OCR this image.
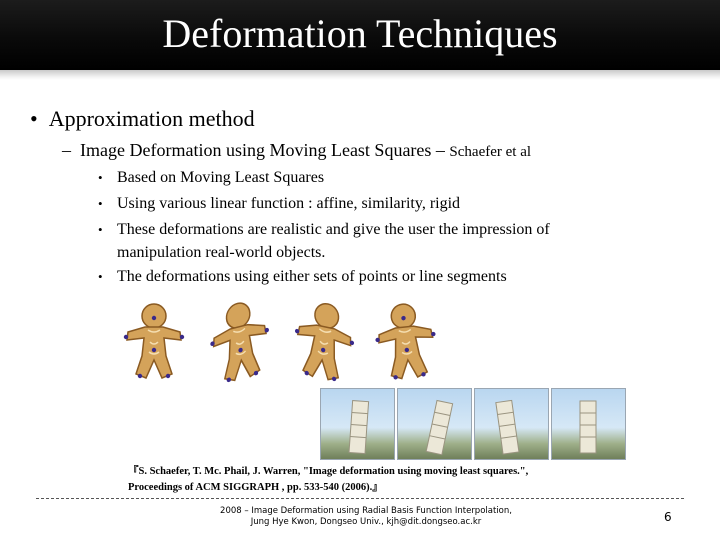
Deformation Techniques
•  Approximation method
–  Image Deformation using Moving Least Squares – Schaefer et al
• Based on Moving Least Squares
• Using various linear function : affine, similarity, rigid
• These deformations are realistic and give the user the impression of manipulation real-world objects.
• The deformations using either sets of points or line segments
『S. Schaefer, T. Mc. Phail, J. Warren, "Image deformation using moving least squares.",
Proceedings of ACM SIGGRAPH , pp. 533-540 (2006).』
2008 – Image Deformation using Radial Basis Function Interpolation,
Jung Hye Kwon, Dongseo Univ., kjh@dit.dongseo.ac.kr	6
